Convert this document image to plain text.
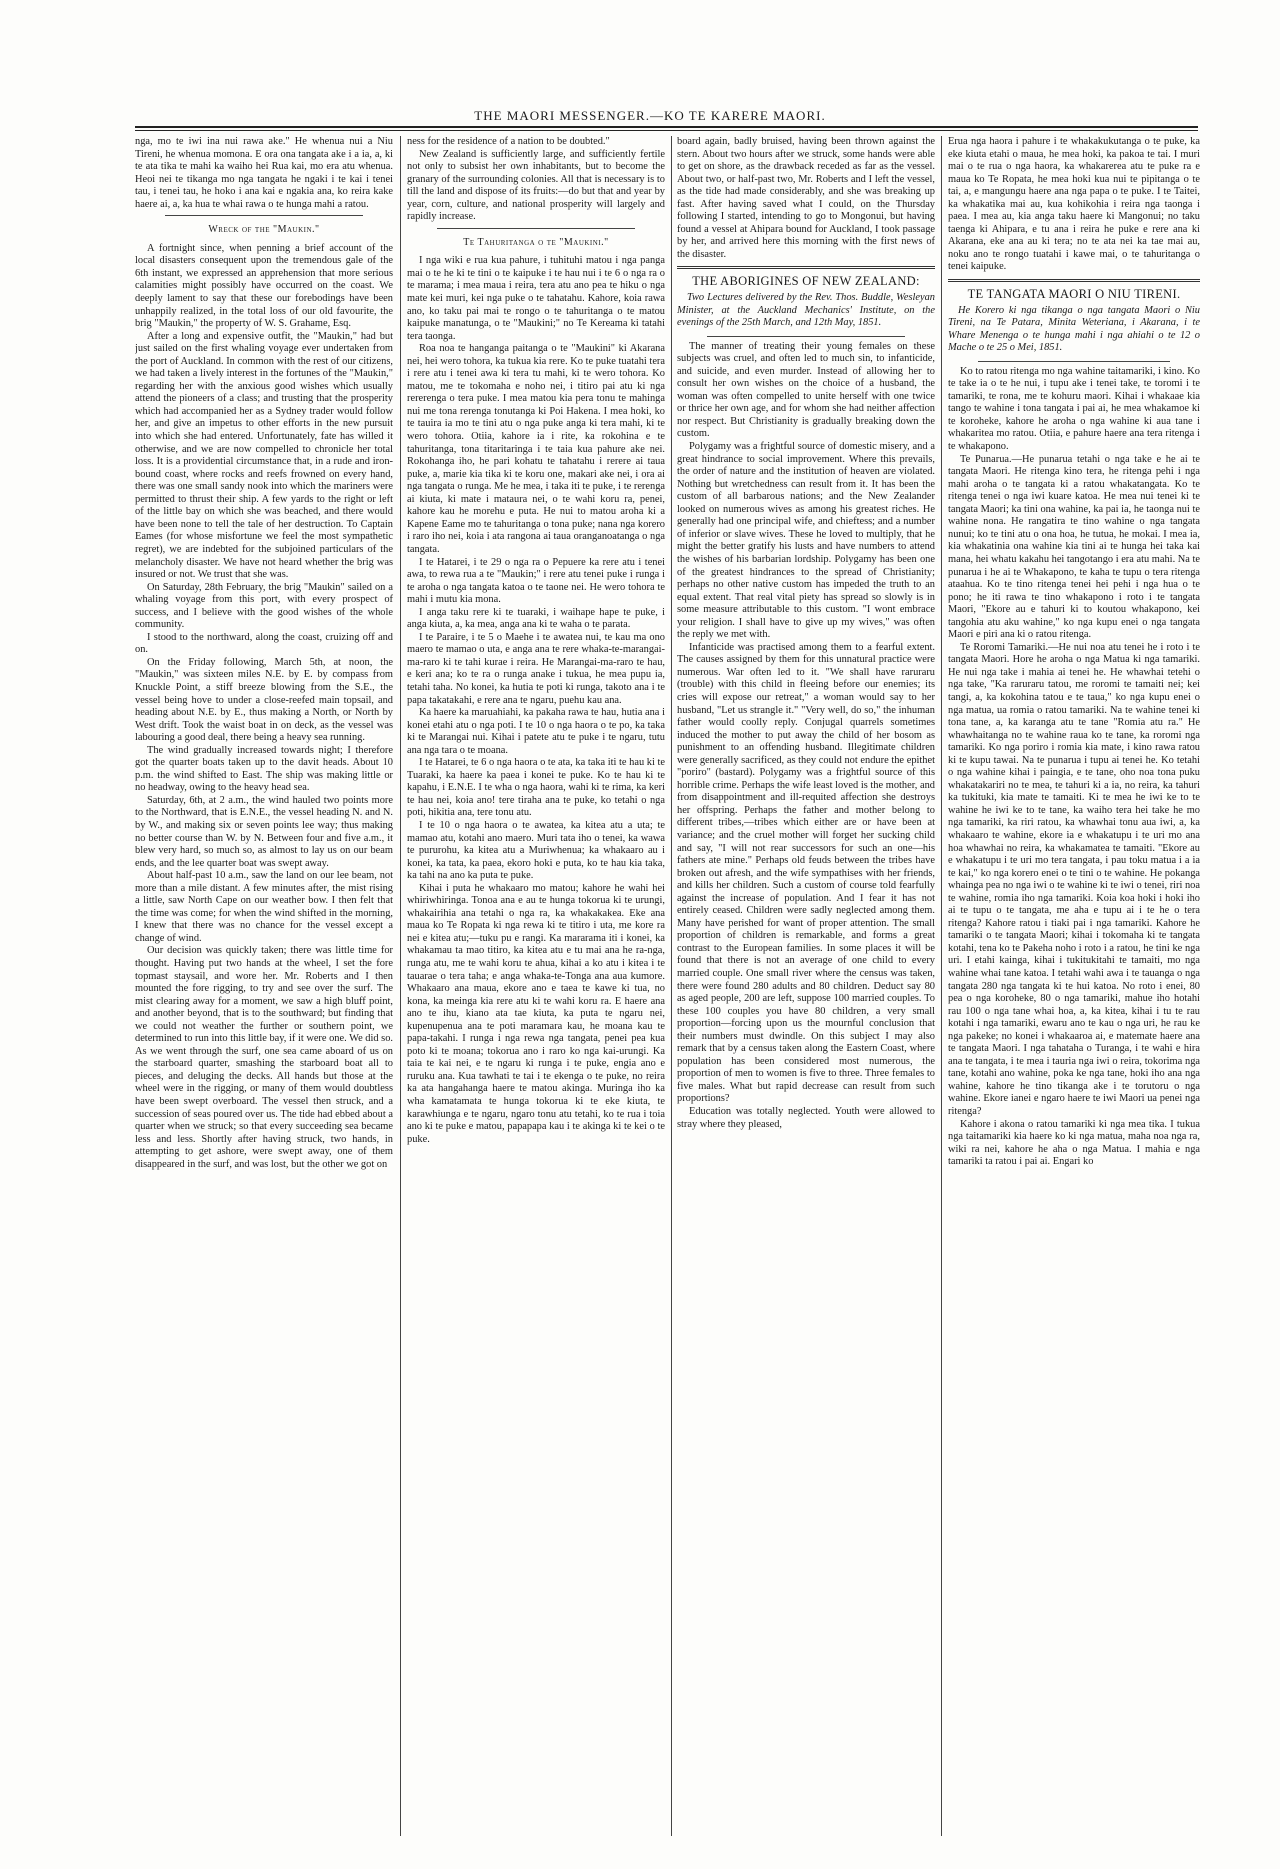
THE MAORI MESSENGER.—KO TE KARERE MAORI.

nga, mo te iwi ina nui rawa ake." He whenua nui a Niu Tireni, he whenua momona. E ora ona tangata ake i a ia, a, ki te ata tika te mahi ka waiho hei Rua kai, mo era atu whenua. Heoi nei te tikanga mo nga tangata he ngaki i te kai i tenei tau, i tenei tau, he hoko i ana kai e ngakia ana, ko reira kake haere ai, a, ka hua te whai rawa o te hunga mahi a ratou.

Wreck of the "Maukin."

A fortnight since, when penning a brief account of the local disasters consequent upon the tremendous gale of the 6th instant, we expressed an apprehension that more serious calamities might possibly have occurred on the coast. We deeply lament to say that these our forebodings have been unhappily realized, in the total loss of our old favourite, the brig "Maukin," the property of W. S. Grahame, Esq.

After a long and expensive outfit, the "Maukin," had but just sailed on the first whaling voyage ever undertaken from the port of Auckland. In common with the rest of our citizens, we had taken a lively interest in the fortunes of the "Maukin," regarding her with the anxious good wishes which usually attend the pioneers of a class; and trusting that the prosperity which had accompanied her as a Sydney trader would follow her, and give an impetus to other efforts in the new pursuit into which she had entered. Unfortunately, fate has willed it otherwise, and we are now compelled to chronicle her total loss. It is a providential circumstance that, in a rude and iron-bound coast, where rocks and reefs frowned on every hand, there was one small sandy nook into which the mariners were permitted to thrust their ship. A few yards to the right or left of the little bay on which she was beached, and there would have been none to tell the tale of her destruction. To Captain Eames (for whose misfortune we feel the most sympathetic regret), we are indebted for the subjoined particulars of the melancholy disaster. We have not heard whether the brig was insured or not. We trust that she was.

On Saturday, 28th February, the brig "Maukin" sailed on a whaling voyage from this port, with every prospect of success, and I believe with the good wishes of the whole community.

I stood to the northward, along the coast, cruizing off and on.

On the Friday following, March 5th, at noon, the "Maukin," was sixteen miles N.E. by E. by compass from Knuckle Point, a stiff breeze blowing from the S.E., the vessel being hove to under a close-reefed main topsail, and heading about N.E. by E., thus making a North, or North by West drift. Took the waist boat in on deck, as the vessel was labouring a good deal, there being a heavy sea running.

The wind gradually increased towards night; I therefore got the quarter boats taken up to the davit heads. About 10 p.m. the wind shifted to East. The ship was making little or no headway, owing to the heavy head sea.

Saturday, 6th, at 2 a.m., the wind hauled two points more to the Northward, that is E.N.E., the vessel heading N. and N. by W., and making six or seven points lee way; thus making no better course than W. by N. Between four and five a.m., it blew very hard, so much so, as almost to lay us on our beam ends, and the lee quarter boat was swept away.

About half-past 10 a.m., saw the land on our lee beam, not more than a mile distant. A few minutes after, the mist rising a little, saw North Cape on our weather bow. I then felt that the time was come; for when the wind shifted in the morning, I knew that there was no chance for the vessel except a change of wind.

Our decision was quickly taken; there was little time for thought. Having put two hands at the wheel, I set the fore topmast staysail, and wore her. Mr. Roberts and I then mounted the fore rigging, to try and see over the surf. The mist clearing away for a moment, we saw a high bluff point, and another beyond, that is to the southward; but finding that we could not weather the further or southern point, we determined to run into this little bay, if it were one. We did so. As we went through the surf, one sea came aboard of us on the starboard quarter, smashing the starboard boat all to pieces, and deluging the decks. All hands but those at the wheel were in the rigging, or many of them would doubtless have been swept overboard. The vessel then struck, and a succession of seas poured over us. The tide had ebbed about a quarter when we struck; so that every succeeding sea became less and less. Shortly after having struck, two hands, in attempting to get ashore, were swept away, one of them disappeared in the surf, and was lost, but the other we got on

ness for the residence of a nation to be doubted."

New Zealand is sufficiently large, and sufficiently fertile not only to subsist her own inhabitants, but to become the granary of the surrounding colonies. All that is necessary is to till the land and dispose of its fruits:—do but that and year by year, corn, culture, and national prosperity will largely and rapidly increase.

Te Tahuritanga o te "Maukini."

I nga wiki e rua kua pahure, i tuhituhi matou i nga panga mai o te he ki te tini o te kaipuke i te hau nui i te 6 o nga ra o te marama; i mea maua i reira, tera atu ano pea te hiku o nga mate kei muri, kei nga puke o te tahatahu. Kahore, koia rawa ano, ko taku pai mai te rongo o te tahuritanga o te matou kaipuke manatunga, o te "Maukini;" no Te Kereama ki tatahi tera taonga.

Roa noa te hanganga paitanga o te "Maukini" ki Akarana nei, hei wero tohora, ka tukua kia rere. Ko te puke tuatahi tera i rere atu i tenei awa ki tera tu mahi, ki te wero tohora. Ko matou, me te tokomaha e noho nei, i titiro pai atu ki nga rererenga o tera puke. I mea matou kia pera tonu te mahinga nui me tona rerenga tonutanga ki Poi Hakena. I mea hoki, ko te tauira ia mo te tini atu o nga puke anga ki tera mahi, ki te wero tohora. Otiia, kahore ia i rite, ka rokohina e te tahuritanga, tona titaritaringa i te taia kua pahure ake nei. Rokohanga iho, he pari kohatu te tahatahu i rerere ai taua puke, a, marie kia tika ki te koru one, makari ake nei, i ora ai nga tangata o runga. Me he mea, i taka iti te puke, i te rerenga ai kiuta, ki mate i mataura nei, o te wahi koru ra, penei, kahore kau he morehu e puta. He nui to matou aroha ki a Kapene Eame mo te tahuritanga o tona puke; nana nga korero i raro iho nei, koia i ata rangona ai taua oranganoatanga o nga tangata.

I te Hatarei, i te 29 o nga ra o Pepuere ka rere atu i tenei awa, to rewa rua a te "Maukin;" i rere atu tenei puke i runga i te aroha o nga tangata katoa o te taone nei. He wero tohora te mahi i mutu kia mona.

I anga taku rere ki te tuaraki, i waihape hape te puke, i anga kiuta, a, ka mea, anga ana ki te waha o te parata.

I te Paraire, i te 5 o Maehe i te awatea nui, te kau ma ono maero te mamao o uta, e anga ana te rere whaka-te-marangai-ma-raro ki te tahi kurae i reira. He Marangai-ma-raro te hau, e keri ana; ko te ra o runga anake i tukua, he mea pupu ia, tetahi taha. No konei, ka hutia te poti ki runga, takoto ana i te papa takatakahi, e rere ana te ngaru, puehu kau ana.

Ka haere ka maruahiahi, ka pakaha rawa te hau, hutia ana i konei etahi atu o nga poti. I te 10 o nga haora o te po, ka taka ki te Marangai nui. Kihai i patete atu te puke i te ngaru, tutu ana nga tara o te moana.

I te Hatarei, te 6 o nga haora o te ata, ka taka iti te hau ki te Tuaraki, ka haere ka paea i konei te puke. Ko te hau ki te kapahu, i E.N.E. I te wha o nga haora, wahi ki te rima, ka keri te hau nei, koia ano! tere tiraha ana te puke, ko tetahi o nga poti, hikitia ana, tere tonu atu.

I te 10 o nga haora o te awatea, ka kitea atu a uta; te mamao atu, kotahi ano maero. Muri tata iho o tenei, ka wawa te pururohu, ka kitea atu a Muriwhenua; ka whakaaro au i konei, ka tata, ka paea, ekoro hoki e puta, ko te hau kia taka, ka tahi na ano ka puta te puke.

Kihai i puta he whakaaro mo matou; kahore he wahi hei whiriwhiringa. Tonoa ana e au te hunga tokorua ki te urungi, whakairihia ana tetahi o nga ra, ka whakakakea. Eke ana maua ko Te Ropata ki nga rewa ki te titiro i uta, me kore ra nei e kitea atu;—tuku pu e rangi. Ka mararama iti i konei, ka whakamau ta mao titiro, ka kitea atu e tu mai ana he ra-nga, runga atu, me te wahi koru te ahua, kihai a ko atu i kitea i te tauarae o tera taha; e anga whaka-te-Tonga ana aua kumore. Whakaaro ana maua, ekore ano e taea te kawe ki tua, no kona, ka meinga kia rere atu ki te wahi koru ra. E haere ana ano te ihu, kiano ata tae kiuta, ka puta te ngaru nei, kupenupenua ana te poti maramara kau, he moana kau te papa-takahi. I runga i nga rewa nga tangata, penei pea kua poto ki te moana; tokorua ano i raro ko nga kai-urungi. Ka taia te kai nei, e te ngaru ki runga i te puke, engia ano e ruruku ana. Kua tawhati te tai i te ekenga o te puke, no reira ka ata hangahanga haere te matou akinga. Muringa iho ka wha kamatamata te hunga tokorua ki te eke kiuta, te karawhiunga e te ngaru, ngaro tonu atu tetahi, ko te rua i toia ano ki te puke e matou, papapapa kau i te akinga ki te kei o te puke.

board again, badly bruised, having been thrown against the stern. About two hours after we struck, some hands were able to get on shore, as the drawback receded as far as the vessel. About two, or half-past two, Mr. Roberts and I left the vessel, as the tide had made considerably, and she was breaking up fast. After having saved what I could, on the Thursday following I started, intending to go to Mongonui, but having found a vessel at Ahipara bound for Auckland, I took passage by her, and arrived here this morning with the first news of the disaster.

THE ABORIGINES OF NEW ZEALAND:

Two Lectures delivered by the Rev. Thos. Buddle, Wesleyan Minister, at the Auckland Mechanics' Institute, on the evenings of the 25th March, and 12th May, 1851.

The manner of treating their young females on these subjects was cruel, and often led to much sin, to infanticide, and suicide, and even murder. Instead of allowing her to consult her own wishes on the choice of a husband, the woman was often compelled to unite herself with one twice or thrice her own age, and for whom she had neither affection nor respect. But Christianity is gradually breaking down the custom.

Polygamy was a frightful source of domestic misery, and a great hindrance to social improvement. Where this prevails, the order of nature and the institution of heaven are violated. Nothing but wretchedness can result from it. It has been the custom of all barbarous nations; and the New Zealander looked on numerous wives as among his greatest riches. He generally had one principal wife, and chieftess; and a number of inferior or slave wives. These he loved to multiply, that he might the better gratify his lusts and have numbers to attend the wishes of his barbarian lordship. Polygamy has been one of the greatest hindrances to the spread of Christianity; perhaps no other native custom has impeded the truth to an equal extent. That real vital piety has spread so slowly is in some measure attributable to this custom. "I wont embrace your religion. I shall have to give up my wives," was often the reply we met with.

Infanticide was practised among them to a fearful extent. The causes assigned by them for this unnatural practice were numerous. War often led to it. "We shall have raruraru (trouble) with this child in fleeing before our enemies; its cries will expose our retreat," a woman would say to her husband, "Let us strangle it." "Very well, do so," the inhuman father would coolly reply. Conjugal quarrels sometimes induced the mother to put away the child of her bosom as punishment to an offending husband. Illegitimate children were generally sacrificed, as they could not endure the epithet "poriro" (bastard). Polygamy was a frightful source of this horrible crime. Perhaps the wife least loved is the mother, and from disappointment and ill-requited affection she destroys her offspring. Perhaps the father and mother belong to different tribes,—tribes which either are or have been at variance; and the cruel mother will forget her sucking child and say, "I will not rear successors for such an one—his fathers ate mine." Perhaps old feuds between the tribes have broken out afresh, and the wife sympathises with her friends, and kills her children. Such a custom of course told fearfully against the increase of population. And I fear it has not entirely ceased. Children were sadly neglected among them. Many have perished for want of proper attention. The small proportion of children is remarkable, and forms a great contrast to the European families. In some places it will be found that there is not an average of one child to every married couple. One small river where the census was taken, there were found 280 adults and 80 children. Deduct say 80 as aged people, 200 are left, suppose 100 married couples. To these 100 couples you have 80 children, a very small proportion—forcing upon us the mournful conclusion that their numbers must dwindle. On this subject I may also remark that by a census taken along the Eastern Coast, where population has been considered most numerous, the proportion of men to women is five to three. Three females to five males. What but rapid decrease can result from such proportions?

Education was totally neglected. Youth were allowed to stray where they pleased,

Erua nga haora i pahure i te whakakukutanga o te puke, ka eke kiuta etahi o maua, he mea hoki, ka pakoa te tai. I muri mai o te rua o nga haora, ka whakarerea atu te puke ra e maua ko Te Ropata, he mea hoki kua nui te pipitanga o te tai, a, e mangungu haere ana nga papa o te puke. I te Taitei, ka whakatika mai au, kua kohikohia i reira nga taonga i paea. I mea au, kia anga taku haere ki Mangonui; no taku taenga ki Ahipara, e tu ana i reira he puke e rere ana ki Akarana, eke ana au ki tera; no te ata nei ka tae mai au, noku ano te rongo tuatahi i kawe mai, o te tahuritanga o tenei kaipuke.

TE TANGATA MAORI O NIU TIRENI.

He Korero ki nga tikanga o nga tangata Maori o Niu Tireni, na Te Patara, Minita Weteriana, i Akarana, i te Whare Menenga o te hunga mahi i nga ahiahi o te 12 o Mache o te 25 o Mei, 1851.

Ko to ratou ritenga mo nga wahine taitamariki, i kino. Ko te take ia o te he nui, i tupu ake i tenei take, te toromi i te tamariki, te rona, me te kohuru maori. Kihai i whakaae kia tango te wahine i tona tangata i pai ai, he mea whakamoe ki te koroheke, kahore he aroha o nga wahine ki aua tane i whakaritea mo ratou. Otiia, e pahure haere ana tera ritenga i te whakapono.

Te Punarua.—He punarua tetahi o nga take e he ai te tangata Maori. He ritenga kino tera, he ritenga pehi i nga mahi aroha o te tangata ki a ratou whakatangata. Ko te ritenga tenei o nga iwi kuare katoa. He mea nui tenei ki te tangata Maori; ka tini ona wahine, ka pai ia, he taonga nui te wahine nona. He rangatira te tino wahine o nga tangata nunui; ko te tini atu o ona hoa, he tutua, he mokai. I mea ia, kia whakatinia ona wahine kia tini ai te hunga hei taka kai mana, hei whatu kakahu hei tangotango i era atu mahi. Na te punarua i he ai te Whakapono, te kaha te tupu o tera ritenga ataahua. Ko te tino ritenga tenei hei pehi i nga hua o te pono; he iti rawa te tino whakapono i roto i te tangata Maori, "Ekore au e tahuri ki to koutou whakapono, kei tangohia atu aku wahine," ko nga kupu enei o nga tangata Maori e piri ana ki o ratou ritenga.

Te Roromi Tamariki.—He nui noa atu tenei he i roto i te tangata Maori. Hore he aroha o nga Matua ki nga tamariki. He nui nga take i mahia ai tenei he. He whawhai tetehi o nga take, "Ka raruraru tatou, me roromi te tamaiti nei; kei tangi, a, ka kokohina tatou e te taua," ko nga kupu enei o nga matua, ua romia o ratou tamariki. Na te wahine tenei ki tona tane, a, ka karanga atu te tane "Romia atu ra." He whawhaitanga no te wahine raua ko te tane, ka roromi nga tamariki. Ko nga poriro i romia kia mate, i kino rawa ratou ki te kupu tawai. Na te punarua i tupu ai tenei he. Ko tetahi o nga wahine kihai i paingia, e te tane, oho noa tona puku whakatakariri no te mea, te tahuri ki a ia, no reira, ka tahuri ka tukituki, kia mate te tamaiti. Ki te mea he iwi ke to te wahine he iwi ke to te tane, ka waiho tera hei take he mo nga tamariki, ka riri ratou, ka whawhai tonu aua iwi, a, ka whakaaro te wahine, ekore ia e whakatupu i te uri mo ana hoa whawhai no reira, ka whakamatea te tamaiti. "Ekore au e whakatupu i te uri mo tera tangata, i pau toku matua i a ia te kai," ko nga korero enei o te tini o te wahine. He pokanga whainga pea no nga iwi o te wahine ki te iwi o tenei, riri noa te wahine, romia iho nga tamariki. Koia koa hoki i hoki iho ai te tupu o te tangata, me aha e tupu ai i te he o tera ritenga? Kahore ratou i tiaki pai i nga tamariki. Kahore he tamariki o te tangata Maori; kihai i tokomaha ki te tangata kotahi, tena ko te Pakeha noho i roto i a ratou, he tini ke nga uri. I etahi kainga, kihai i tukitukitahi te tamaiti, mo nga wahine whai tane katoa. I tetahi wahi awa i te tauanga o nga tangata 280 nga tangata ki te hui katoa. No roto i enei, 80 pea o nga koroheke, 80 o nga tamariki, mahue iho hotahi rau 100 o nga tane whai hoa, a, ka kitea, kihai i tu te rau kotahi i nga tamariki, ewaru ano te kau o nga uri, he rau ke nga pakeke; no konei i whakaaroa ai, e matemate haere ana te tangata Maori. I nga tahataha o Turanga, i te wahi e hira ana te tangata, i te mea i tauria nga iwi o reira, tokorima nga tane, kotahi ano wahine, poka ke nga tane, hoki iho ana nga wahine, kahore he tino tikanga ake i te torutoru o nga wahine. Ekore ianei e ngaro haere te iwi Maori ua penei nga ritenga?

Kahore i akona o ratou tamariki ki nga mea tika. I tukua nga taitamariki kia haere ko ki nga matua, maha noa nga ra, wiki ra nei, kahore he aha o nga Matua. I mahia e nga tamariki ta ratou i pai ai. Engari ko
